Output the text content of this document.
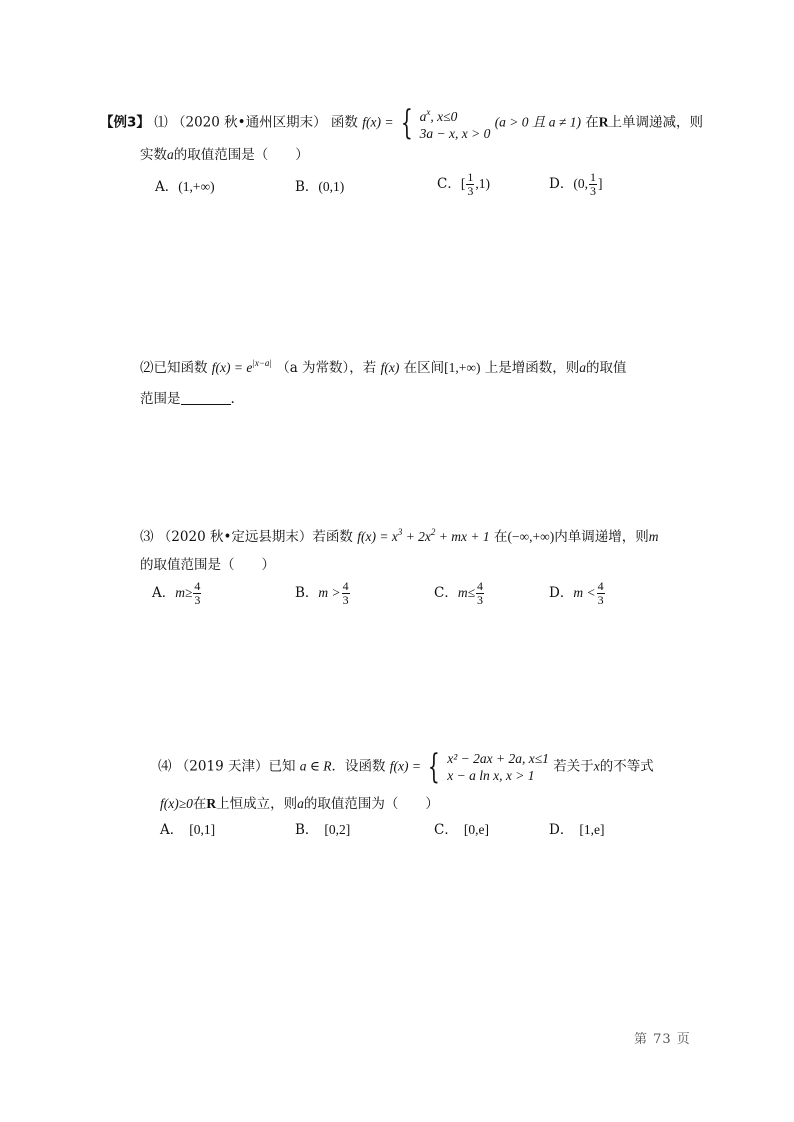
【例3】 ⑴ （2020 秋•通州区期末） 函数 f(x) = { $a^x$, x≤0
3a − x, x > 0 (a > 0 且 a ≠ 1) 在R上单调递减，则
实数a的取值范围是（　　）
A．(1,+∞)	B．(0,1)	C．[ $\frac{1}{3} ,1$)	D．(0, $\frac{1}{3}$ ]
⑵已知函数 $f(x) = e^{|x-a|}$ （a 为常数），若 f(x) 在区间[1,+∞) 上是增函数，则a的取值
范围是	.
⑶ （2020 秋•定远县期末）若函数 $f(x) = x^3 + 2x^2$ + mx + 1 在(−∞,+∞)内单调递增，则m
的取值范围是（　　）
A．$m\ge \frac{4}{3}$	B．$m > \frac{4}{3}$	C．$m\le \frac{4}{3}$	D．$m < \frac{4}{3}$
⑷ （2019 天津）已知 a ∈ R．设函数 f(x) = { x² − 2ax + 2a, x≤1
x − a ln x, x > 1 若关于x的不等式
f(x)≥0在R上恒成立，则a的取值范围为（　　）
A． [0,1]	B． [0,2]	C． [0,e]	D． [1,e]
第 73 页
